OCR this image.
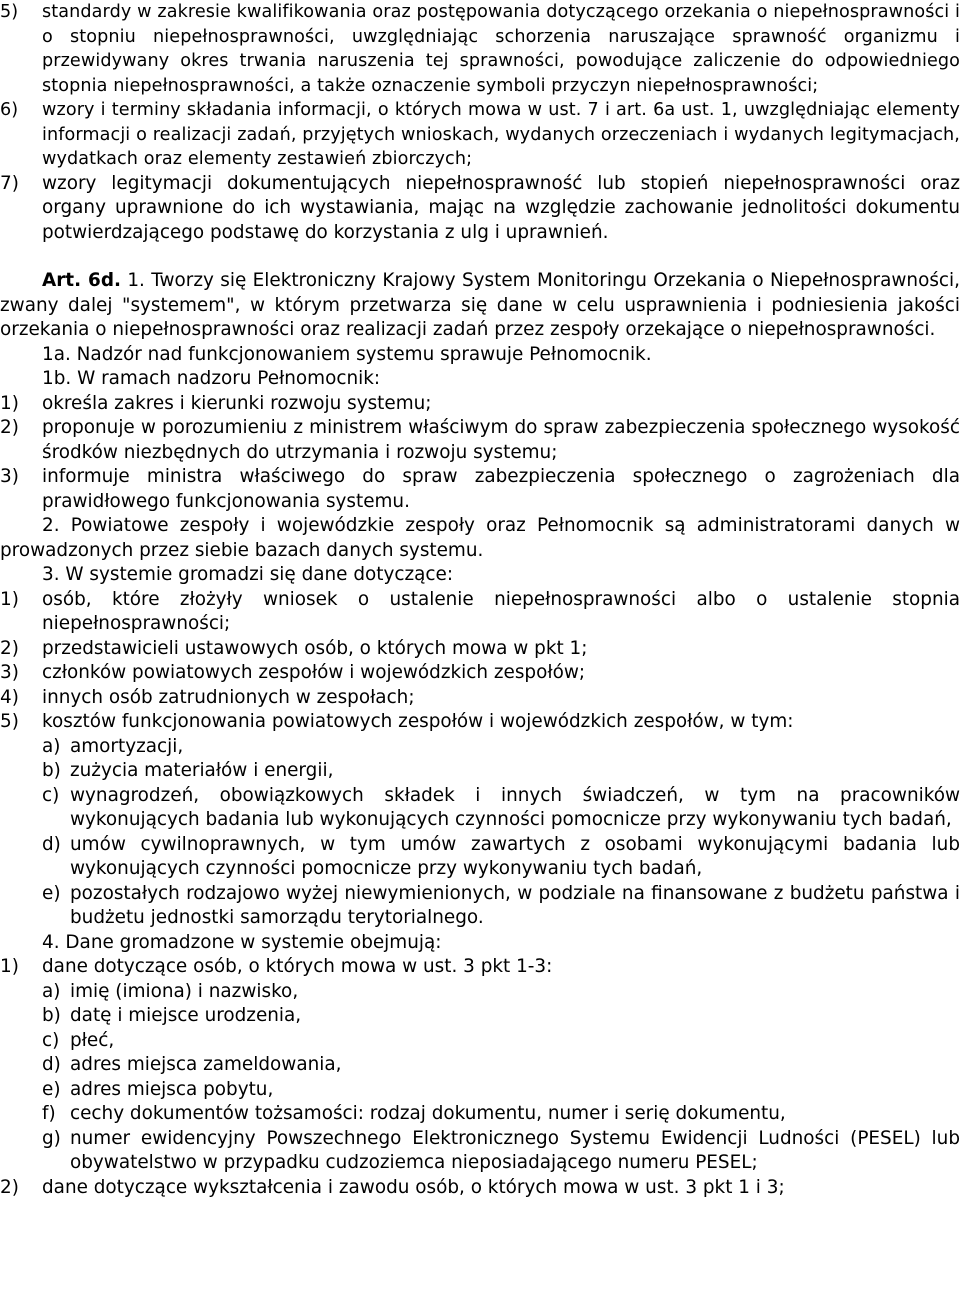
5) standardy w zakresie kwalifikowania oraz postępowania dotyczącego orzekania o niepełnosprawności i o stopniu niepełnosprawności, uwzględniając schorzenia naruszające sprawność organizmu i przewidywany okres trwania naruszenia tej sprawności, powodujące zaliczenie do odpowiedniego stopnia niepełnosprawności, a także oznaczenie symboli przyczyn niepełnosprawności;
6) wzory i terminy składania informacji, o których mowa w ust. 7 i art. 6a ust. 1, uwzględniając elementy informacji o realizacji zadań, przyjętych wnioskach, wydanych orzeczeniach i wydanych legitymacjach, wydatkach oraz elementy zestawień zbiorczych;
7) wzory legitymacji dokumentujących niepełnosprawność lub stopień niepełnosprawności oraz organy uprawnione do ich wystawiania, mając na względzie zachowanie jednolitości dokumentu potwierdzającego podstawę do korzystania z ulg i uprawnień.
Art. 6d. 1. Tworzy się Elektroniczny Krajowy System Monitoringu Orzekania o Niepełnosprawności, zwany dalej "systemem", w którym przetwarza się dane w celu usprawnienia i podniesienia jakości orzekania o niepełnosprawności oraz realizacji zadań przez zespoły orzekające o niepełnosprawności.
1a. Nadzór nad funkcjonowaniem systemu sprawuje Pełnomocnik.
1b. W ramach nadzoru Pełnomocnik:
1) określa zakres i kierunki rozwoju systemu;
2) proponuje w porozumieniu z ministrem właściwym do spraw zabezpieczenia społecznego wysokość środków niezbędnych do utrzymania i rozwoju systemu;
3) informuje ministra właściwego do spraw zabezpieczenia społecznego o zagrożeniach dla prawidłowego funkcjonowania systemu.
2. Powiatowe zespoły i wojewódzkie zespoły oraz Pełnomocnik są administratorami danych w prowadzonych przez siebie bazach danych systemu.
3. W systemie gromadzi się dane dotyczące:
1) osób, które złożyły wniosek o ustalenie niepełnosprawności albo o ustalenie stopnia niepełnosprawności;
2) przedstawicieli ustawowych osób, o których mowa w pkt 1;
3) członków powiatowych zespołów i wojewódzkich zespołów;
4) innych osób zatrudnionych w zespołach;
5) kosztów funkcjonowania powiatowych zespołów i wojewódzkich zespołów, w tym:
a) amortyzacji,
b) zużycia materiałów i energii,
c) wynagrodzeń, obowiązkowych składek i innych świadczeń, w tym na pracowników wykonujących badania lub wykonujących czynności pomocnicze przy wykonywaniu tych badań,
d) umów cywilnoprawnych, w tym umów zawartych z osobami wykonującymi badania lub wykonujących czynności pomocnicze przy wykonywaniu tych badań,
e) pozostałych rodzajowo wyżej niewymienionych, w podziale na finansowane z budżetu państwa i budżetu jednostki samorządu terytorialnego.
4. Dane gromadzone w systemie obejmują:
1) dane dotyczące osób, o których mowa w ust. 3 pkt 1-3:
a) imię (imiona) i nazwisko,
b) datę i miejsce urodzenia,
c) płeć,
d) adres miejsca zameldowania,
e) adres miejsca pobytu,
f) cechy dokumentów tożsamości: rodzaj dokumentu, numer i serię dokumentu,
g) numer ewidencyjny Powszechnego Elektronicznego Systemu Ewidencji Ludności (PESEL) lub obywatelstwo w przypadku cudzoziemca nieposiadającego numeru PESEL;
2) dane dotyczące wykształcenia i zawodu osób, o których mowa w ust. 3 pkt 1 i 3;
